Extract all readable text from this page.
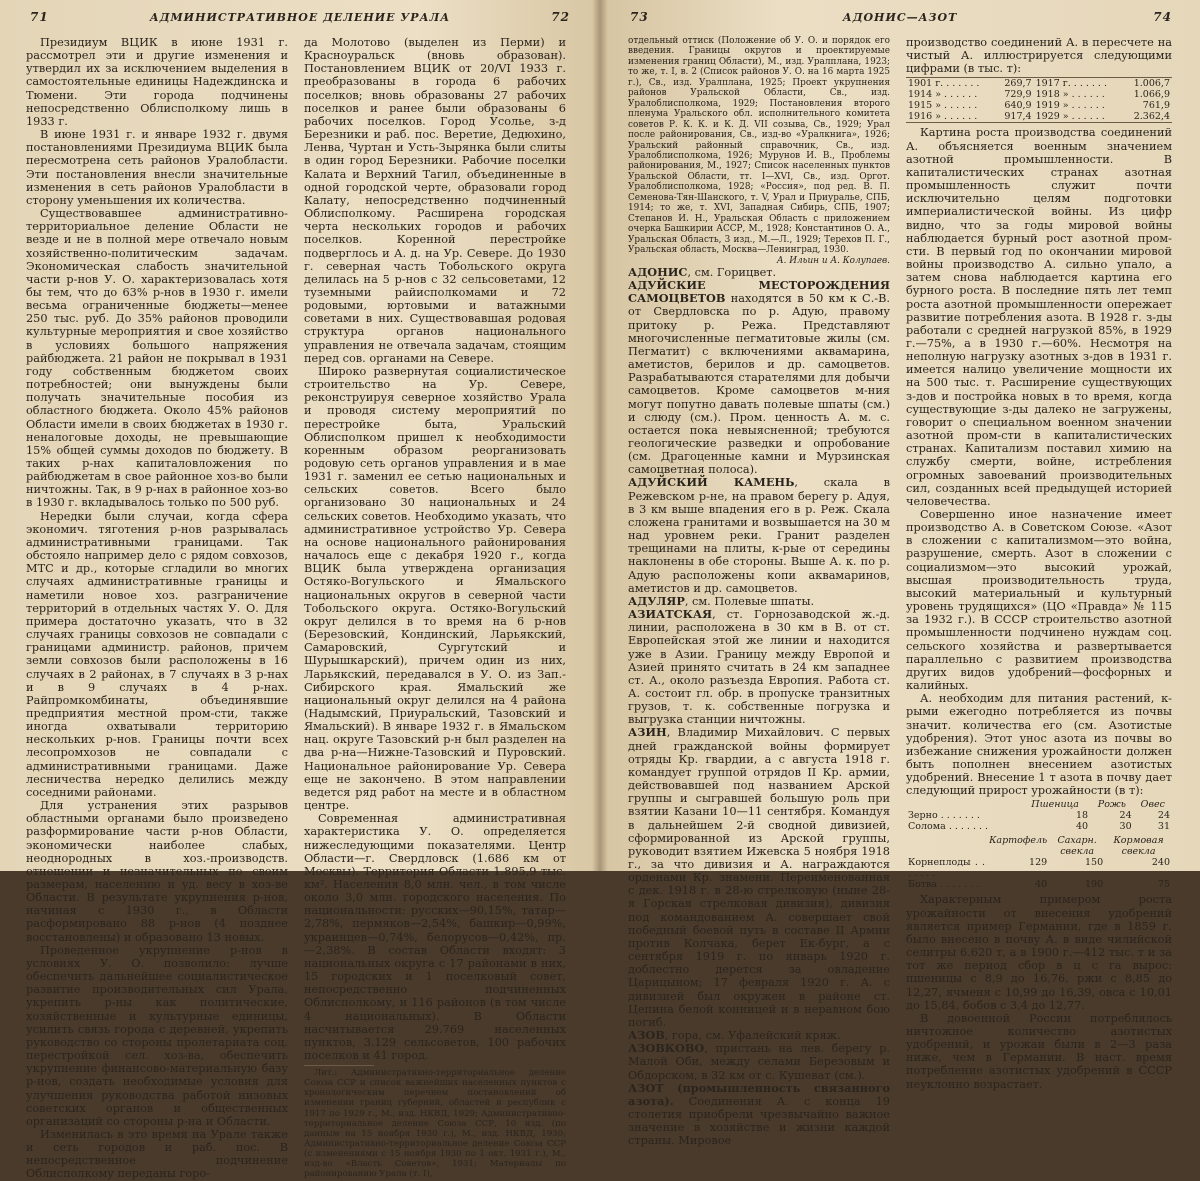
71	АДМИНИСТРАТИВНОЕ ДЕЛЕНИЕ УРАЛА	72

Президиум ВЦИК в июне 1931 г. рассмотрел эти и другие изменения и утвердил их за исключением выделения в самостоятельные единицы Надеждинска и Тюмени. Эти города подчинены непосредственно Облисполкому лишь в 1933 г.

В июне 1931 г. и январе 1932 г. двумя постановлениями Президиума ВЦИК была пересмотрена сеть районов Уралобласти. Эти постановления внесли значительные изменения в сеть районов Уралобласти в сторону уменьшения их количества.

Существовавшее административно-территориальное деление Области не везде и не в полной мере отвечало новым хозяйственно-политическим задачам. Экономическая слабость значительной части р-нов У. О. характеризовалась хотя бы тем, что до 63% р-нов в 1930 г. имели весьма ограниченные бюджеты—менее 250 тыс. руб. До 35% районов проводили культурные мероприятия и свое хозяйство в условиях большого напряжения райбюджета. 21 район не покрывал в 1931 году собственным бюджетом своих потребностей; они вынуждены были получать значительные пособия из областного бюджета. Около 45% районов Области имели в своих бюджетах в 1930 г. неналоговые доходы, не превышающие 15% общей суммы доходов по бюджету. В таких р-нах капиталовложения по райбюджетам в свое районное хоз-во были ничтожны. Так, в 9 р-нах в районное хоз-во в 1930 г. вкладывалось только по 500 руб.

Нередки были случаи, когда сфера экономич. тяготения р-нов разрывалась административными границами. Так обстояло например дело с рядом совхозов, МТС и др., которые сгладили во многих случаях административные границы и наметили новое хоз. разграничение территорий в отдельных частях У. О. Для примера достаточно указать, что в 32 случаях границы совхозов не совпадали с границами администр. районов, причем земли совхозов были расположены в 16 случаях в 2 районах, в 7 случаях в 3 р-нах и в 9 случаях в 4 р-нах. Райпромкомбинаты, объединявшие предприятия местной пром-сти, также иногда охватывали территорию нескольких р-нов. Границы почти всех лесопромхозов не совпадали с административными границами. Даже лесничества нередко делились между соседними районами.

Для устранения этих разрывов областными органами было произведено разформирование части р-нов Области, экономически наиболее слабых, неоднородных в хоз.-производств. отношении и незначительных по своим размерам, населению и уд. весу в хоз-ве Области. В результате укрупнения р-нов, начиная с 1930 г., в Области расформировано 88 р-нов (4 позднее восстановлены) и образовано 13 новых.

Проведенное укрупнение р-нов в условиях У. О. позволило: лучше обеспечить дальнейшее социалистическое развитие производительных сил Урала, укрепить р-ны как политические, хозяйственные и культурные единицы, усилить связь города с деревней, укрепить руководство со стороны пролетариата соц. перестройкой сел. хоз-ва, обеспечить укрупнение финансово-материальную базу р-нов, создать необходимые условия для улучшения руководства работой низовых советских органов и общественных организаций со стороны р-на и Области.

Изменилась в это время на Урале также и сеть городов и раб. пос. В непосредственное подчинение Облисполкому переданы горо-

да Молотово (выделен из Перми) и Красноуральск (вновь образован). Постановлением ВЦИК от 20/VI 1933 г. преобразованы в города 6 рабочих поселков; вновь образованы 27 рабочих поселков и ранее были образованы 6 рабочих поселков. Город Усолье, з-д Березники и раб. пос. Веретие, Дедюхино, Ленва, Чуртан и Усть-Зырянка были слиты в один город Березники. Рабочие поселки Калата и Верхний Тагил, объединенные в одной городской черте, образовали город Калату, непосредственно подчиненный Облисполкому. Расширена городская черта нескольких городов и рабочих поселков. Коренной перестройке подверглось и А. д. на Ур. Севере. До 1930 г. северная часть Тобольского округа делилась на 5 р-нов с 32 сельсоветами, 12 туземными райисполкомами и 72 родовыми, юртовыми и ватажными советами в них. Существовавшая родовая структура органов национального управления не отвечала задачам, стоящим перед сов. органами на Севере.

Широко развернутая социалистическое строительство на Ур. Севере, реконструируя северное хозяйство Урала и проводя систему мероприятий по перестройке быта, Уральский Облисполком пришел к необходимости коренным образом реорганизовать родовую сеть органов управления и в мае 1931 г. заменил ее сетью национальных и сельских советов. Всего было организовано 30 национальных и 24 сельских советов. Необходимо указать, что административное устройство Ур. Севера на основе национального районирования началось еще с декабря 1920 г., когда ВЦИК была утверждена организация Остяко-Вогульского и Ямальского национальных округов в северной части Тобольского округа. Остяко-Вогульский округ делился в то время на 6 р-нов (Березовский, Кондинский, Ларьякский, Самаровский, Сургутский и Шурышкарский), причем один из них, Ларьякский, передавался в У. О. из Зап.-Сибирского края. Ямальский же национальный округ делился на 4 района (Надымский, Приуральский, Тазовский и Ямальский). В январе 1932 г. в Ямальском нац. округе Тазовский р-н был разделен на два р-на—Нижне-Тазовский и Пуровский. Национальное районирование Ур. Севера еще не закончено. В этом направлении ведется ряд работ на месте и в областном центре.

Современная административная характеристика У. О. определяется нижеследующими показателями. Центр Области—г. Свердловск (1.686 км от Москвы). Территория Области 1.895,9 тыс. км². Населения 8,0 млн. чел., в том числе около 3,0 млн. городского населения. По национальности: русских—90,15%, татар—2,78%, пермяков—2,54%, башкир—0,99%, украинцев—0,74%, белорусов—0,42%, пр.—2,38%. В состав Области входят: 3 национальных округа с 17 районами в них, 15 городских и 1 поселковый совет, непосредственно подчиненных Облисполкому, и 116 районов (в том числе 4 национальных). В Области насчитывается 29.769 населенных пунктов, 3.129 сельсоветов, 100 рабочих поселков и 41 город.

Лит.: Административно-территориальное деление Союза ССР и список важнейших населенных пунктов с хронологическим перечнем постановлений об изменении границ губерний, областей и республик с 1917 по 1929 г., М., изд. НКВД, 1929; Административно-территориальное деление Союза ССР, 10 изд. (по данным на 15 ноября 1930 г.), М., изд. НКВД, 1930; Административно-территориальное деление Союза ССР (с изменениями с 15 ноября 1930 по 1 окт. 1931 г.), М., изд-во «Власть Советов», 1931; Материалы по районированию Урала (т. I),

73	АДОНИС—АЗОТ	74

отдельный оттиск (Положение об У. О. и порядок его введения. Границы округов и проектируемые изменения границ Области), М., изд. Уралплана, 1923; то же, т. I, в. 2 (Список районов У. О. на 16 марта 1925 г.), Св., изд. Уралплана, 1925; Проект укрупнения районов Уральской Области, Св., изд. Уралоблисполкома, 1929; Постановления второго пленума Уральского обл. исполнительного комитета советов Р. К. К. и К. Д. VII созыва, Св., 1929; Урал после районирования, Св., изд-во «Уралкнига», 1926; Уральский районный справочник, Св., изд. Уралоблисполкома, 1926; Мурунов И. В., Проблемы районирования, М., 1927; Список населенных пунктов Уральской Области, тт. I—XVI, Св., изд. Оргот. Уралоблисполкома, 1928; «Россия», под ред. В. П. Семенова-Тян-Шанского, т. V, Урал и Приуралье, СПБ, 1914; то же, т. XVI, Западная Сибирь, СПБ, 1907; Степанов И. Н., Уральская Область с приложением очерка Башкирии АССР, М., 1928; Константинов О. А., Уральская Область, 3 изд., М.—Л., 1929; Терехов П. Г., Уральская область, Москва—Ленинград, 1930.

А. Ильин и А. Колупаев.

АДОНИС, см. Горицвет.

АДУЙСКИЕ МЕСТОРОЖДЕНИЯ САМОЦВЕТОВ находятся в 50 км к С.-В. от Свердловска по р. Адую, правому притоку р. Режа. Представляют многочисленные пегматитовые жилы (см. Пегматит) с включениями аквамарина, аметистов, берилов и др. самоцветов. Разрабатываются старателями для добычи самоцветов. Кроме самоцветов м-ния могут попутно давать полевые шпаты (см.) и слюду (см.). Пром. ценность А. м. с. остается пока невыясненной; требуются геологические разведки и опробование (см. Драгоценные камни и Мурзинская самоцветная полоса).

АДУЙСКИЙ КАМЕНЬ, скала в Режевском р-не, на правом берегу р. Адуя, в 3 км выше впадения его в р. Реж. Скала сложена гранитами и возвышается на 30 м над уровнем реки. Гранит разделен трещинами на плиты, к-рые от середины наклонены в обе стороны. Выше А. к. по р. Адую расположены копи аквамаринов, аметистов и др. самоцветов.

АДУЛЯР, см. Полевые шпаты.

АЗИАТСКАЯ, ст. Горнозаводской ж.-д. линии, расположена в 30 км в В. от ст. Европейская этой же линии и находится уже в Азии. Границу между Европой и Азией принято считать в 24 км западнее ст. А., около разъезда Европия. Работа ст. А. состоит гл. обр. в пропуске транзитных грузов, т. к. собственные погрузка и выгрузка станции ничтожны.

АЗИН, Владимир Михайлович. С первых дней гражданской войны формирует отряды Кр. гвардии, а с августа 1918 г. командует группой отрядов II Кр. армии, действовавшей под названием Арской группы и сыгравшей большую роль при взятии Казани 10—11 сентября. Командуя в дальнейшем 2-й сводной дивизией, сформированной из Арской группы, руководит взятием Ижевска 5 ноября 1918 г., за что дивизия и А. награждаются орденами Кр. знамени. Переименованная с дек. 1918 г. в 28-ю стрелковую (ныне 28-я Горская стрелковая дивизия), дивизия под командованием А. совершает свой победный боевой путь в составе II Армии против Колчака, берет Ек-бург, а с сентября 1919 г. по январь 1920 г. доблестно дерется за овладение Царицыном; 17 февраля 1920 г. А. с дивизией был окружен в районе ст. Цепина белой конницей и в неравном бою погиб.

АЗОВ, гора, см. Уфалейский кряж.

АЗОВКОВО, пристань на лев. берегу р. Малой Оби, между селами Березовым и Обдорском, в 32 км от с. Кушеват (см.).

АЗОТ (промышленность связанного азота). Соединения А. с конца 19 столетия приобрели чрезвычайно важное значение в хозяйстве и жизни каждой страны. Мировое

производство соединений А. в пересчете на чистый А. иллюстрируется следующими цифрами (в тыс. т):

1901 г. . . . . . .	269,7	1917 г. . . . . . .	1.006,7
1914 » . . . . . .	729,9	1918 » . . . . . .	1.066,9
1915 » . . . . . .	640,9	1919 » . . . . . .	761,9
1916 » . . . . . .	917,4	1929 » . . . . . .	2.362,4

Картина роста производства соединений А. объясняется военным значением азотной промышленности. В капиталистических странах азотная промышленность служит почти исключительно целям подготовки империалистической войны. Из цифр видно, что за годы мировой войны наблюдается бурный рост азотной пром-сти. В первый год по окончании мировой войны производство А. сильно упало, а затем снова наблюдается картина его бурного роста. В последние пять лет темп роста азотной промышленности опережает развитие потребления азота. В 1928 г. з-ды работали с средней нагрузкой 85%, в 1929 г.—75%, а в 1930 г.—60%. Несмотря на неполную нагрузку азотных з-дов в 1931 г. имеется налицо увеличение мощности их на 500 тыс. т. Расширение существующих з-дов и постройка новых в то время, когда существующие з-ды далеко не загружены, говорит о специальном военном значении азотной пром-сти в капиталистических странах. Капитализм поставил химию на службу смерти, войне, истребления огромных завоеваний производительных сил, созданных всей предыдущей историей человечества.

Совершенно иное назначение имеет производство А. в Советском Союзе. «Азот в сложении с капитализмом—это война, разрушение, смерть. Азот в сложении с социализмом—это высокий урожай, высшая производительность труда, высокий материальный и культурный уровень трудящихся» (ЦО «Правда» № 115 за 1932 г.). В СССР строительство азотной промышленности подчинено нуждам соц. сельского хозяйства и развертывается параллельно с развитием производства других видов удобрений—фосфорных и калийных.

А. необходим для питания растений, к-рыми ежегодно потребляется из почвы значит. количества его (см. Азотистые удобрения). Этот унос азота из почвы во избежание снижения урожайности должен быть пополнен внесением азотистых удобрений. Внесение 1 т азота в почву дает следующий прирост урожайности (в т):

	Пшеница	Рожь	Овес
Зерно . . . . . . .	18	24	24
Солома . . . . . . .	40	30	31
	Картофель	Сахарн. свекла	Кормовая свекла
Корнеплоды . . . . . . .	129	150	240
Ботва . . . . . . .	40	190	75

Характерным примером роста урожайности от внесения удобрений является пример Германии, где в 1859 г. было внесено в почву А. в виде чилийской селитры 6.620 т, а в 1900 г.—412 тыс. т и за тот же период сбор в ц с га вырос: пшеницы с 8,9 до 16,76, ржи с 8,85 до 12,27, ячменя с 10,99 до 16,39, овса с 10,01 до 15,84, бобов с 3,4 до 12,77.

В довоенной России потреблялось ничтожное количество азотистых удобрений, и урожаи были в 2—3 раза ниже, чем в Германии. В наст. время потребление азотистых удобрений в СССР неуклонно возрастает.
